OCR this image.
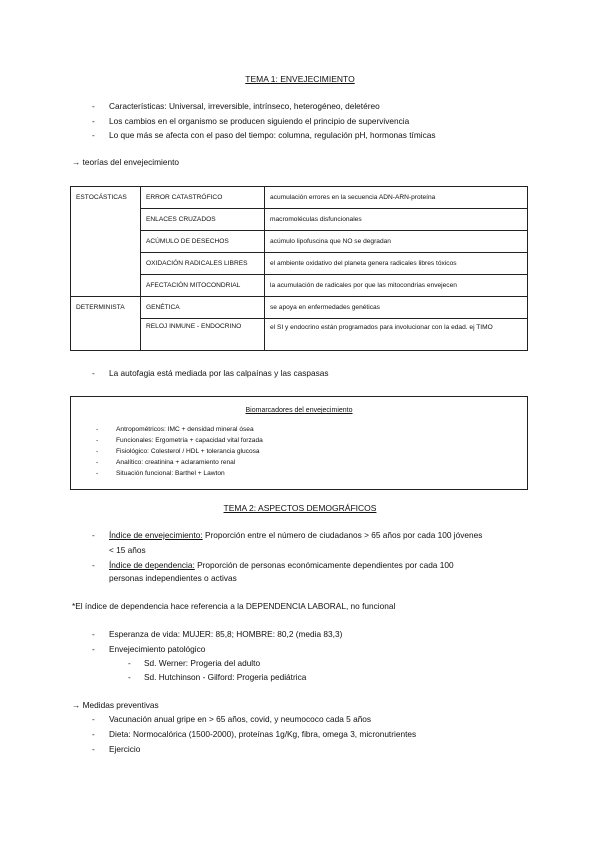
TEMA 1: ENVEJECIMIENTO
- Características: Universal, irreversible, intrínseco, heterogéneo, deletéreo
- Los cambios en el organismo se producen siguiendo el principio de supervivencia
- Lo que más se afecta con el paso del tiempo: columna, regulación pH, hormonas tímicas
→ teorías del envejecimiento
ESTOCÁSTICAS	ERROR CATASTRÓFICO	acumulación errores en la secuencia ADN-ARN-proteína
	ENLACES CRUZADOS	macromoléculas disfuncionales
	ACÚMULO DE DESECHOS	acúmulo lipofuscina que NO se degradan
	OXIDACIÓN RADICALES LIBRES	el ambiente oxidativo del planeta genera radicales libres tóxicos
	AFECTACIÓN MITOCONDRIAL	la acumulación de radicales por que las mitocondrias envejecen
DETERMINISTA	GENÉTICA	se apoya en enfermedades genéticas
	RELOJ INMUNE - ENDOCRINO	el SI y endocrino están programados para involucionar con la edad. ej TIMO
- La autofagia está mediada por las calpaínas y las caspasas
Biomarcadores del envejecimiento
-	Antropométricos: IMC + densidad mineral ósea
-	Funcionales: Ergometría + capacidad vital forzada
-	Fisiológico: Colesterol / HDL + tolerancia glucosa
-	Analítico: creatinina + aclaramiento renal
-	Situación funcional: Barthel + Lawton
TEMA 2: ASPECTOS DEMOGRÁFICOS
- Índice de envejecimiento: Proporción entre el número de ciudadanos > 65 años por cada 100 jóvenes
< 15 años
- Índice de dependencia: Proporción de personas económicamente dependientes por cada 100
personas independientes o activas
*El índice de dependencia hace referencia a la DEPENDENCIA LABORAL, no funcional
- Esperanza de vida: MUJER: 85,8; HOMBRE: 80,2 (media 83,3)
- Envejecimiento patológico
- Sd. Werner: Progeria del adulto
- Sd. Hutchinson - Gilford: Progeria pediátrica
→ Medidas preventivas
- Vacunación anual gripe en > 65 años, covid, y neumococo cada 5 años
- Dieta: Normocalórica (1500-2000), proteínas 1g/Kg, fibra, omega 3, micronutrientes
- Ejercicio
